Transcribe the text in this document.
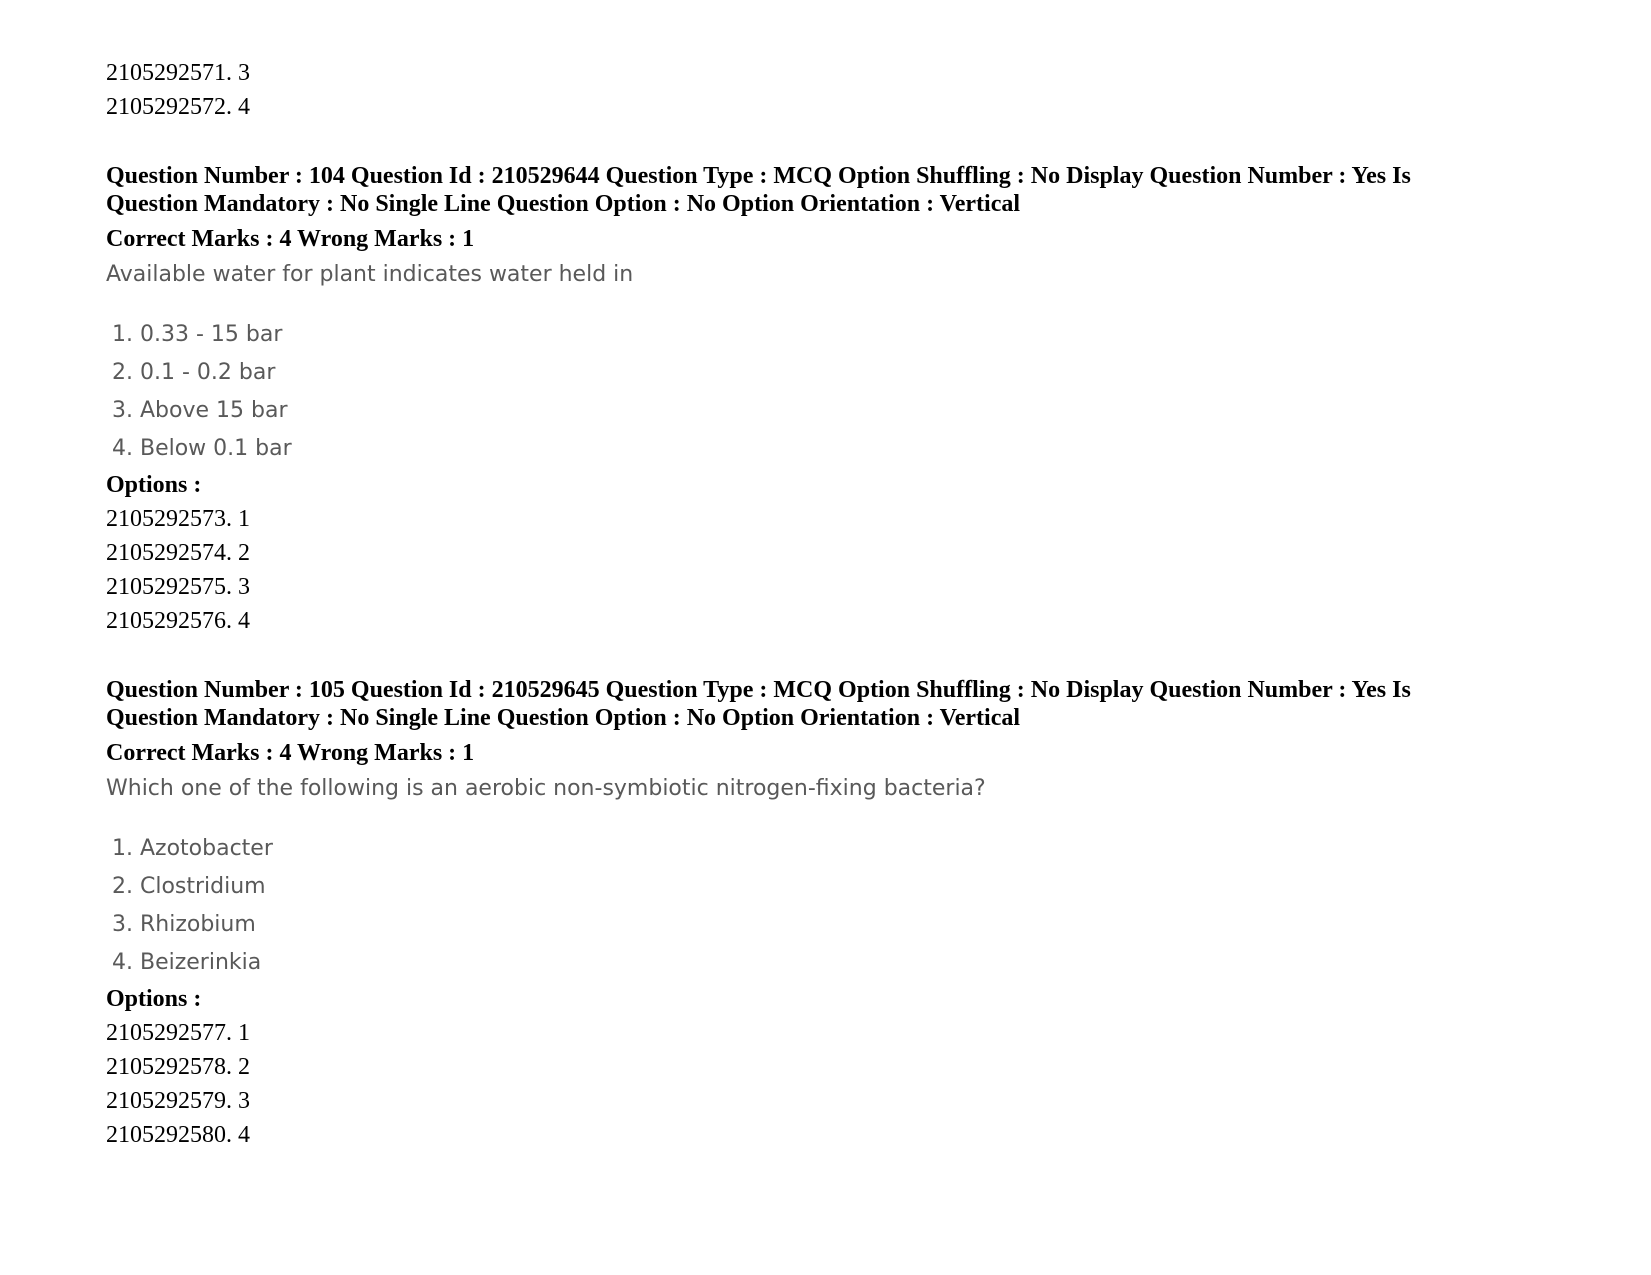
2105292571. 3

2105292572. 4

Question Number : 104 Question Id : 210529644 Question Type : MCQ Option Shuffling : No Display Question Number : Yes Is

Question Mandatory : No Single Line Question Option : No Option Orientation : Vertical

Correct Marks : 4 Wrong Marks : 1

Available water for plant indicates water held in

1. 0.33 - 15 bar

2. 0.1 - 0.2 bar

3. Above 15 bar

4. Below 0.1 bar

Options :

2105292573. 1

2105292574. 2

2105292575. 3

2105292576. 4

Question Number : 105 Question Id : 210529645 Question Type : MCQ Option Shuffling : No Display Question Number : Yes Is

Question Mandatory : No Single Line Question Option : No Option Orientation : Vertical

Correct Marks : 4 Wrong Marks : 1

Which one of the following is an aerobic non-symbiotic nitrogen-fixing bacteria?

1. Azotobacter

2. Clostridium

3. Rhizobium

4. Beizerinkia

Options :

2105292577. 1

2105292578. 2

2105292579. 3

2105292580. 4
